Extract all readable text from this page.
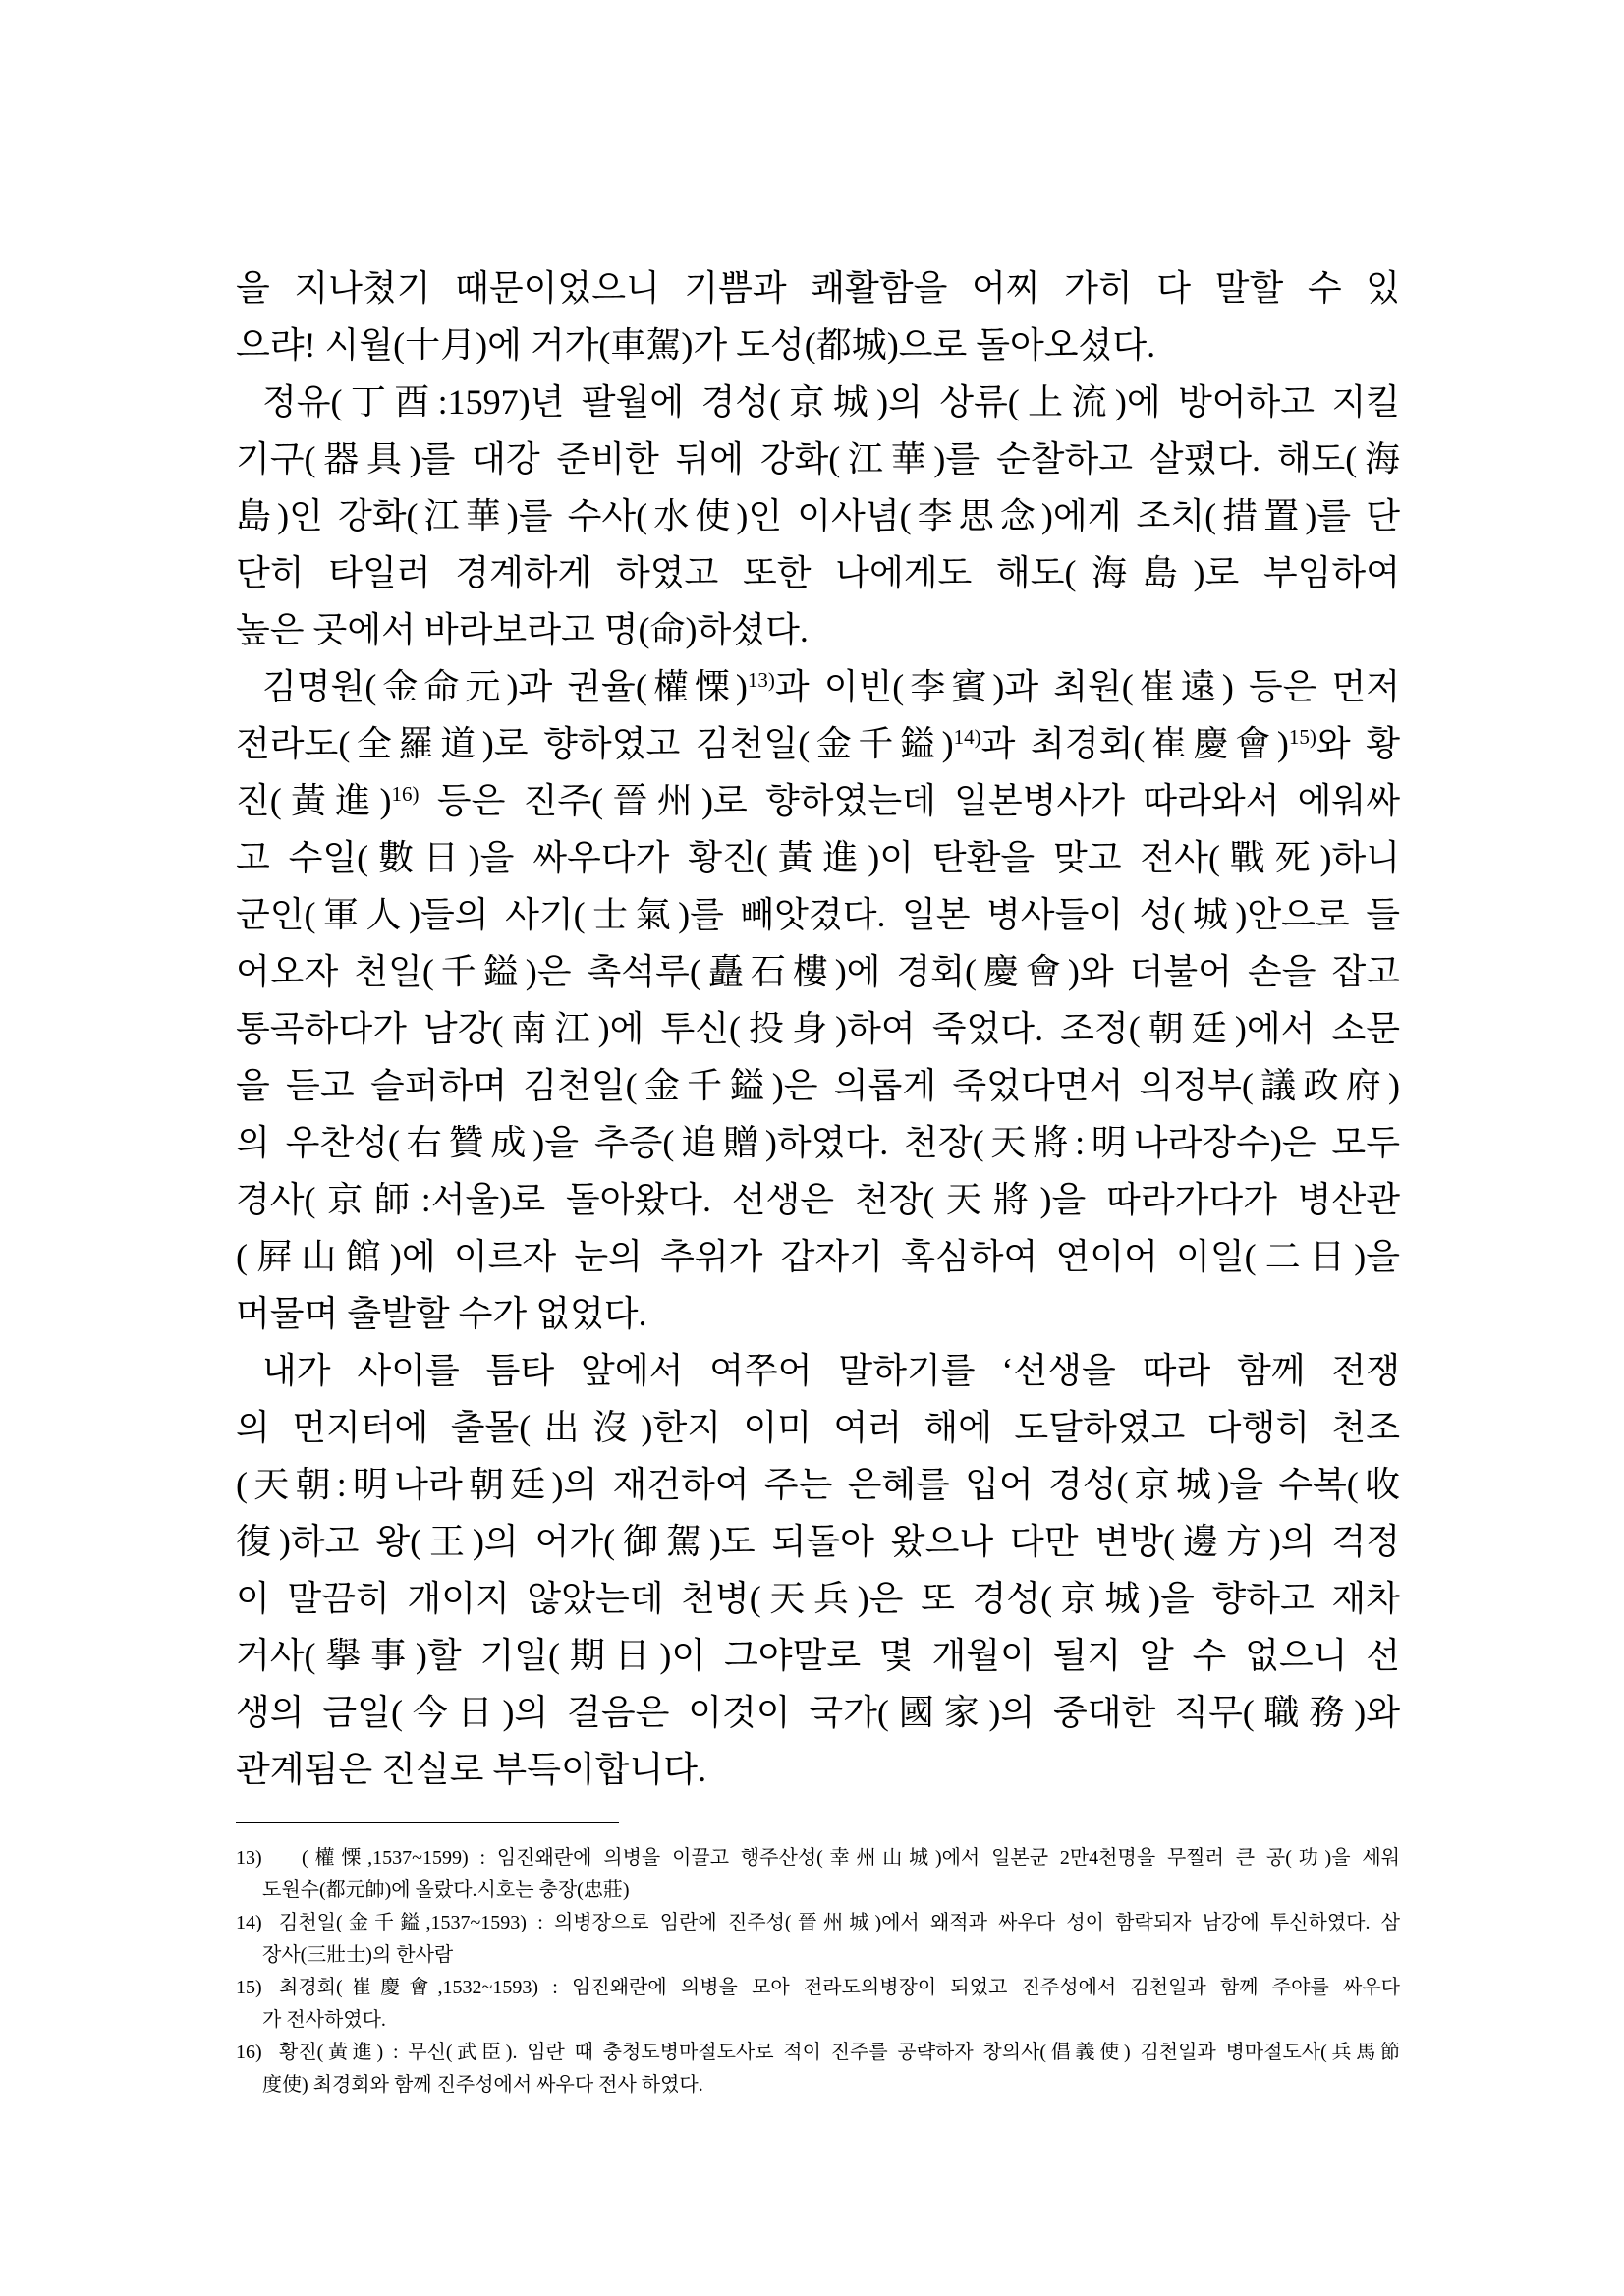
을 지나쳤기 때문이었으니 기쁨과 쾌활함을 어찌 가히 다 말할 수 있
으랴! 시월(十月)에 거가(車駕)가 도성(都城)으로 돌아오셨다.
정유(丁酉:1597)년 팔월에 경성(京城)의 상류(上流)에 방어하고 지킬
기구(器具)를 대강 준비한 뒤에 강화(江華)를 순찰하고 살폈다. 해도(海
島)인 강화(江華)를 수사(水使)인 이사념(李思念)에게 조치(措置)를 단
단히 타일러 경계하게 하였고 또한 나에게도 해도(海島)로 부임하여
높은 곳에서 바라보라고 명(命)하셨다.
김명원(金命元)과 권율(權慄)$^{13)}$과 이빈(李賓)과 최원(崔遠) 등은 먼저
전라도(全羅道)로 향하였고 김천일(金千鎰)$^{14)}$과 최경회(崔慶會)$^{15)}$와 황
진(黃進)$^{16)}$ 등은 진주(晉州)로 향하였는데 일본병사가 따라와서 에워싸
고 수일(數日)을 싸우다가 황진(黃進)이 탄환을 맞고 전사(戰死)하니
군인(軍人)들의 사기(士氣)를 빼앗겼다. 일본 병사들이 성(城)안으로 들
어오자 천일(千鎰)은 촉석루(矗石樓)에 경회(慶會)와 더불어 손을 잡고
통곡하다가 남강(南江)에 투신(投身)하여 죽었다. 조정(朝廷)에서 소문
을 듣고 슬퍼하며 김천일(金千鎰)은 의롭게 죽었다면서 의정부(議政府)
의 우찬성(右贊成)을 추증(追贈)하였다. 천장(天將:明나라장수)은 모두
경사(京師:서울)로 돌아왔다. 선생은 천장(天將)을 따라가다가 병산관
(屛山館)에 이르자 눈의 추위가 갑자기 혹심하여 연이어 이일(二日)을
머물며 출발할 수가 없었다.
내가 사이를 틈타 앞에서 여쭈어 말하기를 ‘선생을 따라 함께 전쟁
의 먼지터에 출몰(出沒)한지 이미 여러 해에 도달하였고 다행히 천조
(天朝:明나라朝廷)의 재건하여 주는 은혜를 입어 경성(京城)을 수복(收
復)하고 왕(王)의 어가(御駕)도 되돌아 왔으나 다만 변방(邊方)의 걱정
이 말끔히 개이지 않았는데 천병(天兵)은 또 경성(京城)을 향하고 재차
거사(擧事)할 기일(期日)이 그야말로 몇 개월이 될지 알 수 없으니 선
생의 금일(今日)의 걸음은 이것이 국가(國家)의 중대한 직무(職務)와
관계됨은 진실로 부득이합니다.
13) (權慄,1537~1599) : 임진왜란에 의병을 이끌고 행주산성(幸州山城)에서 일본군 2만4천명을 무찔러 큰 공(功)을 세워
도원수(都元帥)에 올랐다.시호는 충장(忠莊)
14) 김천일(金千鎰,1537~1593) : 의병장으로 임란에 진주성(晉州城)에서 왜적과 싸우다 성이 함락되자 남강에 투신하였다. 삼
장사(三壯士)의 한사람
15) 최경회(崔慶會,1532~1593) : 임진왜란에 의병을 모아 전라도의병장이 되었고 진주성에서 김천일과 함께 주야를 싸우다
가 전사하였다.
16) 황진(黃進) : 무신(武臣). 임란 때 충청도병마절도사로 적이 진주를 공략하자 창의사(倡義使) 김천일과 병마절도사(兵馬節
度使) 최경회와 함께 진주성에서 싸우다 전사 하였다.
